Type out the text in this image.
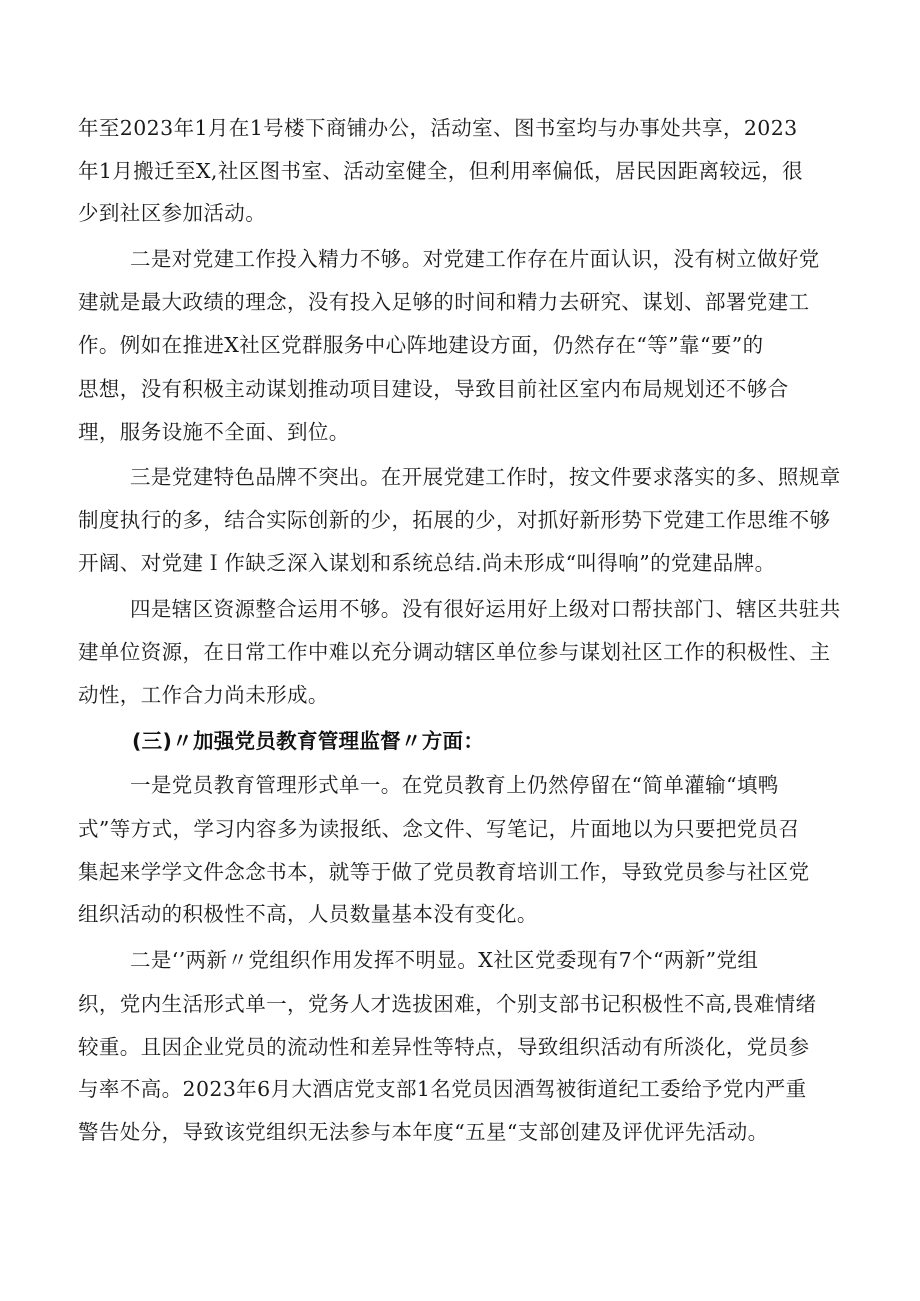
年至2023年1月在1号楼下商铺办公，活动室、图书室均与办事处共享，2023
年1月搬迁至X,社区图书室、活动室健全，但利用率偏低，居民因距离较远，很
少到社区参加活动。
二是对党建工作投入精力不够。对党建工作存在片面认识，没有树立做好党
建就是最大政绩的理念，没有投入足够的时间和精力去研究、谋划、部署党建工
作。例如在推进X社区党群服务中心阵地建设方面，仍然存在“等”靠“要”的
思想，没有积极主动谋划推动项目建设，导致目前社区室内布局规划还不够合
理，服务设施不全面、到位。
三是党建特色品牌不突出。在开展党建工作时，按文件要求落实的多、照规章
制度执行的多，结合实际创新的少，拓展的少，对抓好新形势下党建工作思维不够
开阔、对党建Ｉ作缺乏深入谋划和系统总结.尚未形成“叫得响”的党建品牌。
四是辖区资源整合运用不够。没有很好运用好上级对口帮扶部门、辖区共驻共
建单位资源，在日常工作中难以充分调动辖区单位参与谋划社区工作的积极性、主
动性，工作合力尚未形成。
(三)〃加强党员教育管理监督〃方面：
一是党员教育管理形式单一。在党员教育上仍然停留在“简单灌输“填鸭
式”等方式，学习内容多为读报纸、念文件、写笔记，片面地以为只要把党员召
集起来学学文件念念书本，就等于做了党员教育培训工作，导致党员参与社区党
组织活动的积极性不高，人员数量基本没有变化。
二是‘’两新〃党组织作用发挥不明显。X社区党委现有7个“两新”党组
织，党内生活形式单一，党务人才选拔困难，个别支部书记积极性不高,畏难情绪
较重。且因企业党员的流动性和差异性等特点，导致组织活动有所淡化，党员参
与率不高。2023年6月大酒店党支部1名党员因酒驾被街道纪工委给予党内严重
警告处分，导致该党组织无法参与本年度“五星“支部创建及评优评先活动。
